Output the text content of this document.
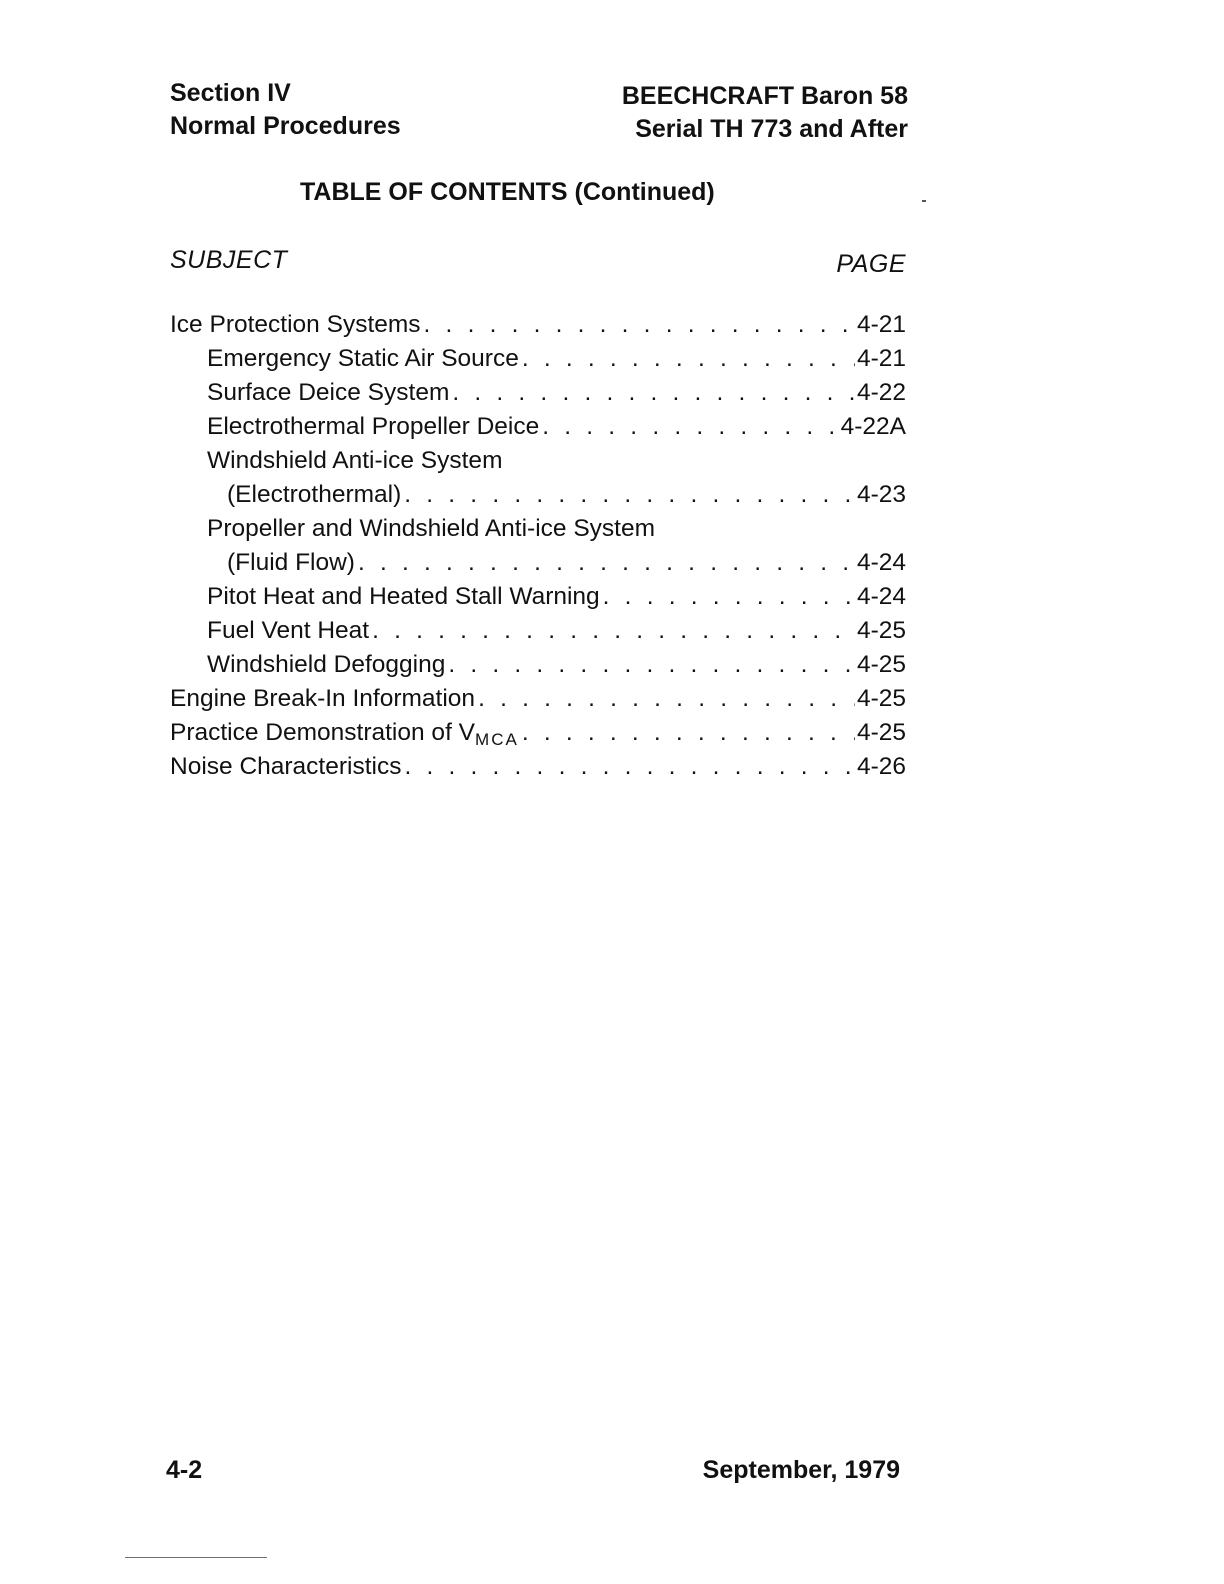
Section IV
Normal Procedures
BEECHCRAFT Baron 58
Serial TH 773 and After
TABLE OF CONTENTS (Continued)
SUBJECT	PAGE
Ice Protection Systems . . .	4-21
Emergency Static Air Source . . .	4-21
Surface Deice System . . .	4-22
Electrothermal Propeller Deice . . .	4-22A
Windshield Anti-ice System
(Electrothermal) . . .	4-23
Propeller and Windshield Anti-ice System
(Fluid Flow) . . .	4-24
Pitot Heat and Heated Stall Warning . . .	4-24
Fuel Vent Heat . . .	4-25
Windshield Defogging . . .	4-25
Engine Break-In Information . . .	4-25
Practice Demonstration of $V_{MCA}$ . . .	4-25
Noise Characteristics . . .	4-26
4-2	September, 1979
